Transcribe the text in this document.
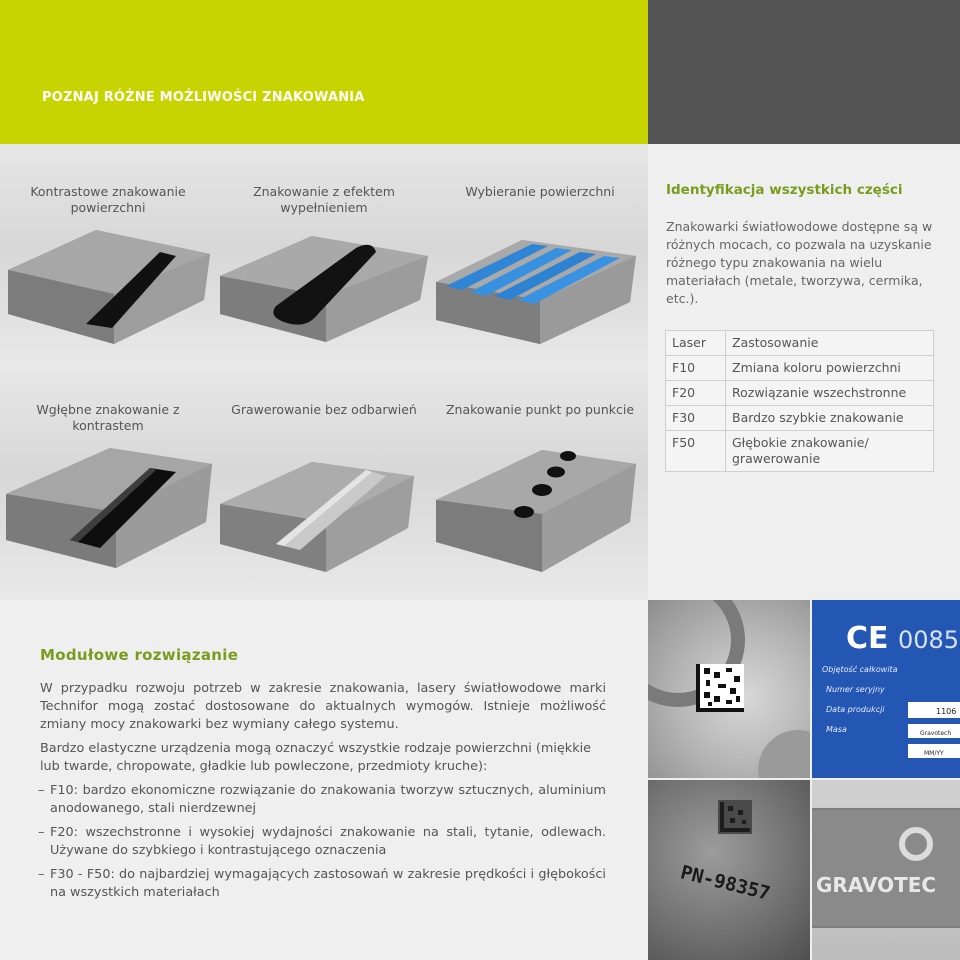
POZNAJ RÓŻNE MOŻLIWOŚCI ZNAKOWANIA
Kontrastowe znakowanie powierzchni
Znakowanie z efektem wypełnieniem
Wybieranie powierzchni
Wgłębne znakowanie z kontrastem
Grawerowanie bez odbarwień	Znakowanie punkt po punkcie
Identyfikacja wszystkich części
Znakowarki światłowodowe dostępne są w różnych mocach, co pozwala na uzyskanie różnego typu znakowania na wielu materiałach (metale, tworzywa, cermika, etc.).
Laser	Zastosowanie
F10	Zmiana koloru powierzchni
F20	Rozwiązanie wszechstronne
F30	Bardzo szybkie znakowanie
F50	Głębokie znakowanie/ grawerowanie
Modułowe rozwiązanie
W przypadku rozwoju potrzeb w zakresie znakowania, lasery światłowodowe marki Technifor mogą zostać dostosowane do aktualnych wymogów. Istnieje możliwość zmiany mocy znakowarki bez wymiany całego systemu.
Bardzo elastyczne urządzenia mogą oznaczyć wszystkie rodzaje powierzchni (miękkie lub twarde, chropowate, gładkie lub powleczone, przedmioty kruche):
– F10: bardzo ekonomiczne rozwiązanie do znakowania tworzyw sztucznych, aluminium anodowanego, stali nierdzewnej
– F20: wszechstronne i wysokiej wydajności znakowanie na stali, tytanie, odlewach. Używane do szybkiego i kontrastującego oznaczenia
– F30 - F50: do najbardziej wymagających zastosowań w zakresie prędkości i głębokości na wszystkich materiałach
CE 0085
Objętość całkowita
Numer seryjny
Data produkcji
Masa
1106
Gravotech
MM/YY
PN-98357 GRAVOTEC
